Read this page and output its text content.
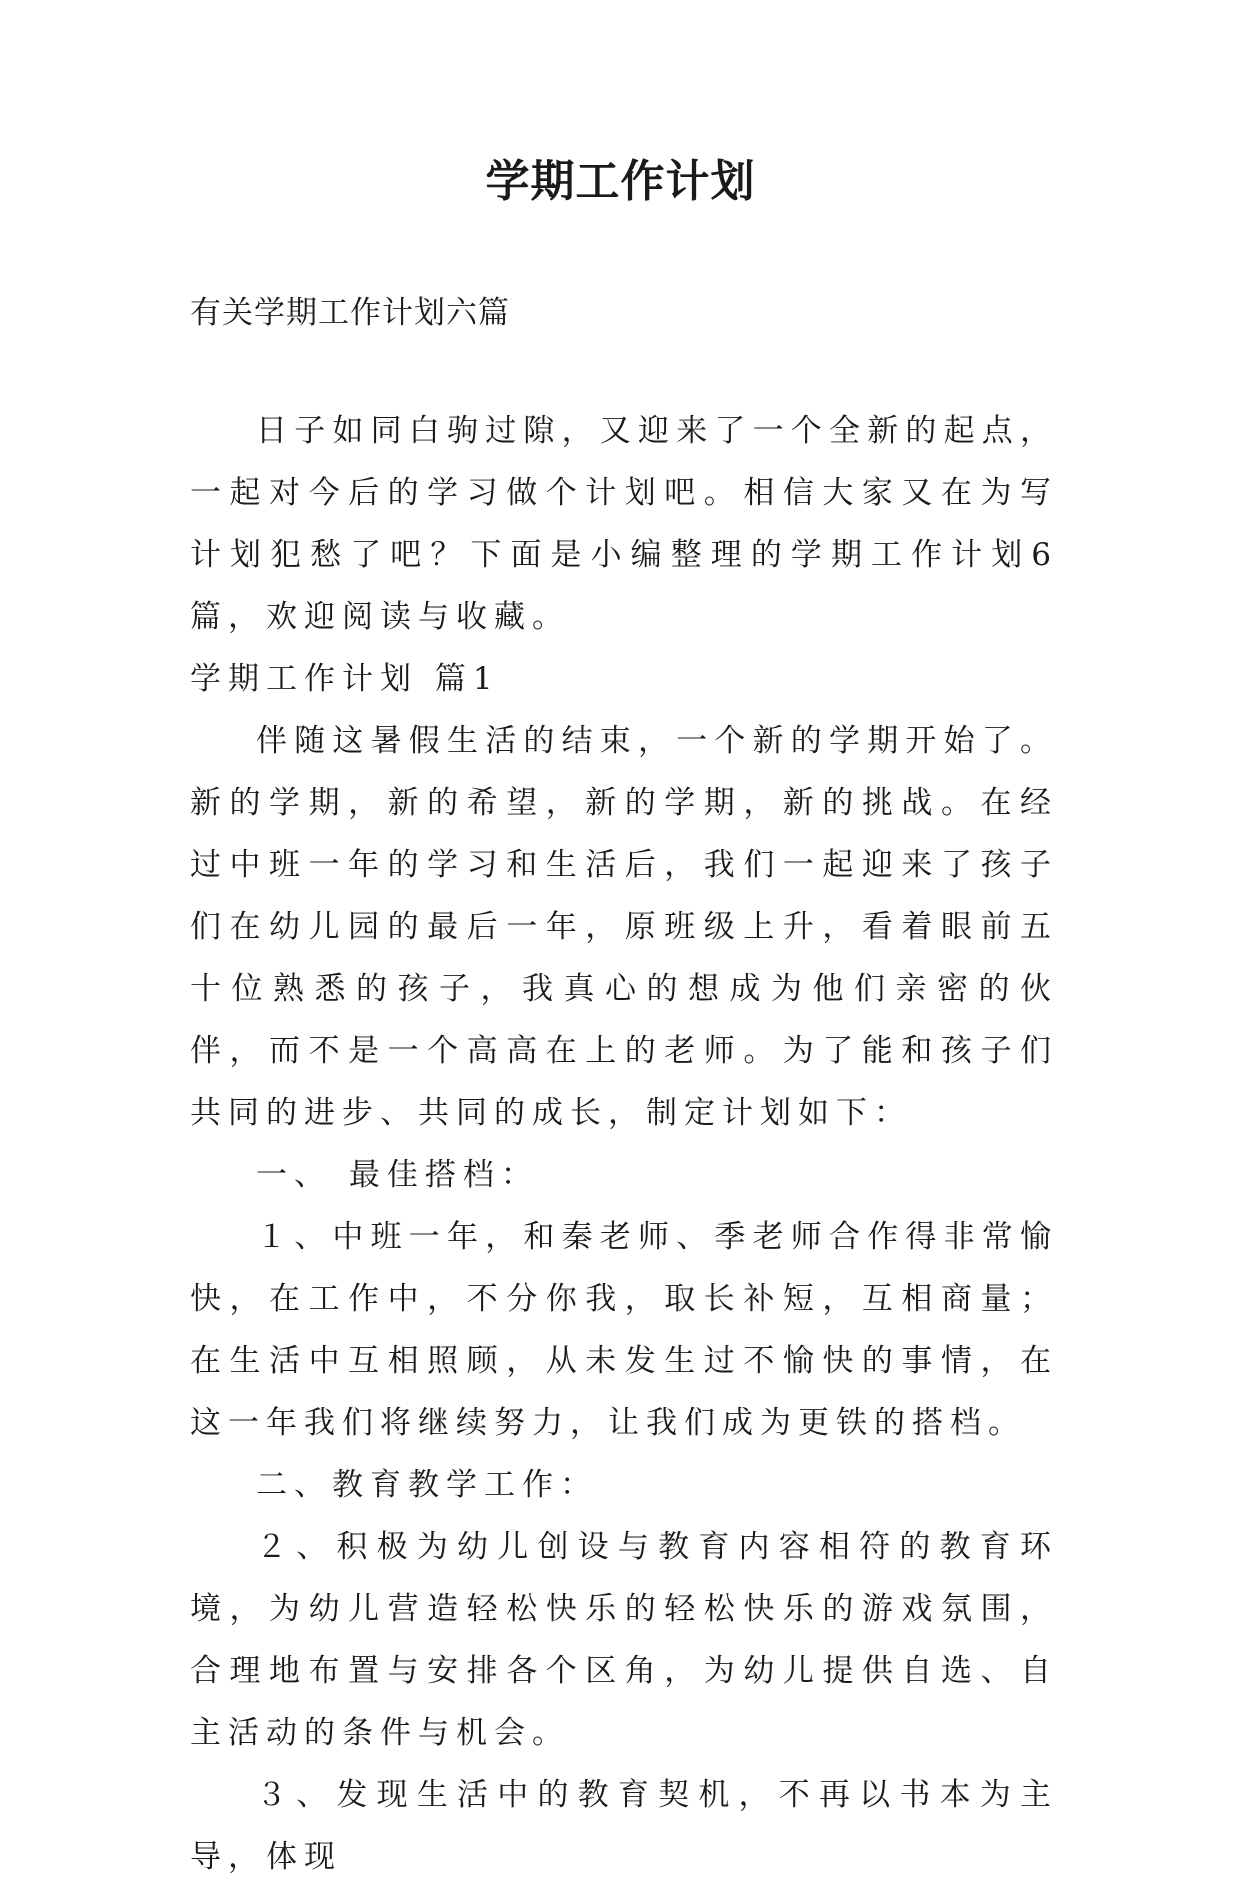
学期工作计划

有关学期工作计划六篇

日子如同白驹过隙，又迎来了一个全新的起点，一起对今后的学习做个计划吧。相信大家又在为写计划犯愁了吧？下面是小编整理的学期工作计划6篇，欢迎阅读与收藏。

学期工作计划 篇1

伴随这暑假生活的结束，一个新的学期开始了。新的学期，新的希望，新的学期，新的挑战。在经过中班一年的学习和生活后，我们一起迎来了孩子们在幼儿园的最后一年，原班级上升，看着眼前五十位熟悉的孩子，我真心的想成为他们亲密的伙伴，而不是一个高高在上的老师。为了能和孩子们共同的进步、共同的成长，制定计划如下：

一、 最佳搭档：

１、中班一年，和秦老师、季老师合作得非常愉快，在工作中，不分你我，取长补短，互相商量；在生活中互相照顾，从未发生过不愉快的事情，在这一年我们将继续努力，让我们成为更铁的搭档。

二、教育教学工作：

２、积极为幼儿创设与教育内容相符的教育环境，为幼儿营造轻松快乐的轻松快乐的游戏氛围，合理地布置与安排各个区角，为幼儿提供自选、自主活动的条件与机会。

３、发现生活中的教育契机，不再以书本为主导，体现
